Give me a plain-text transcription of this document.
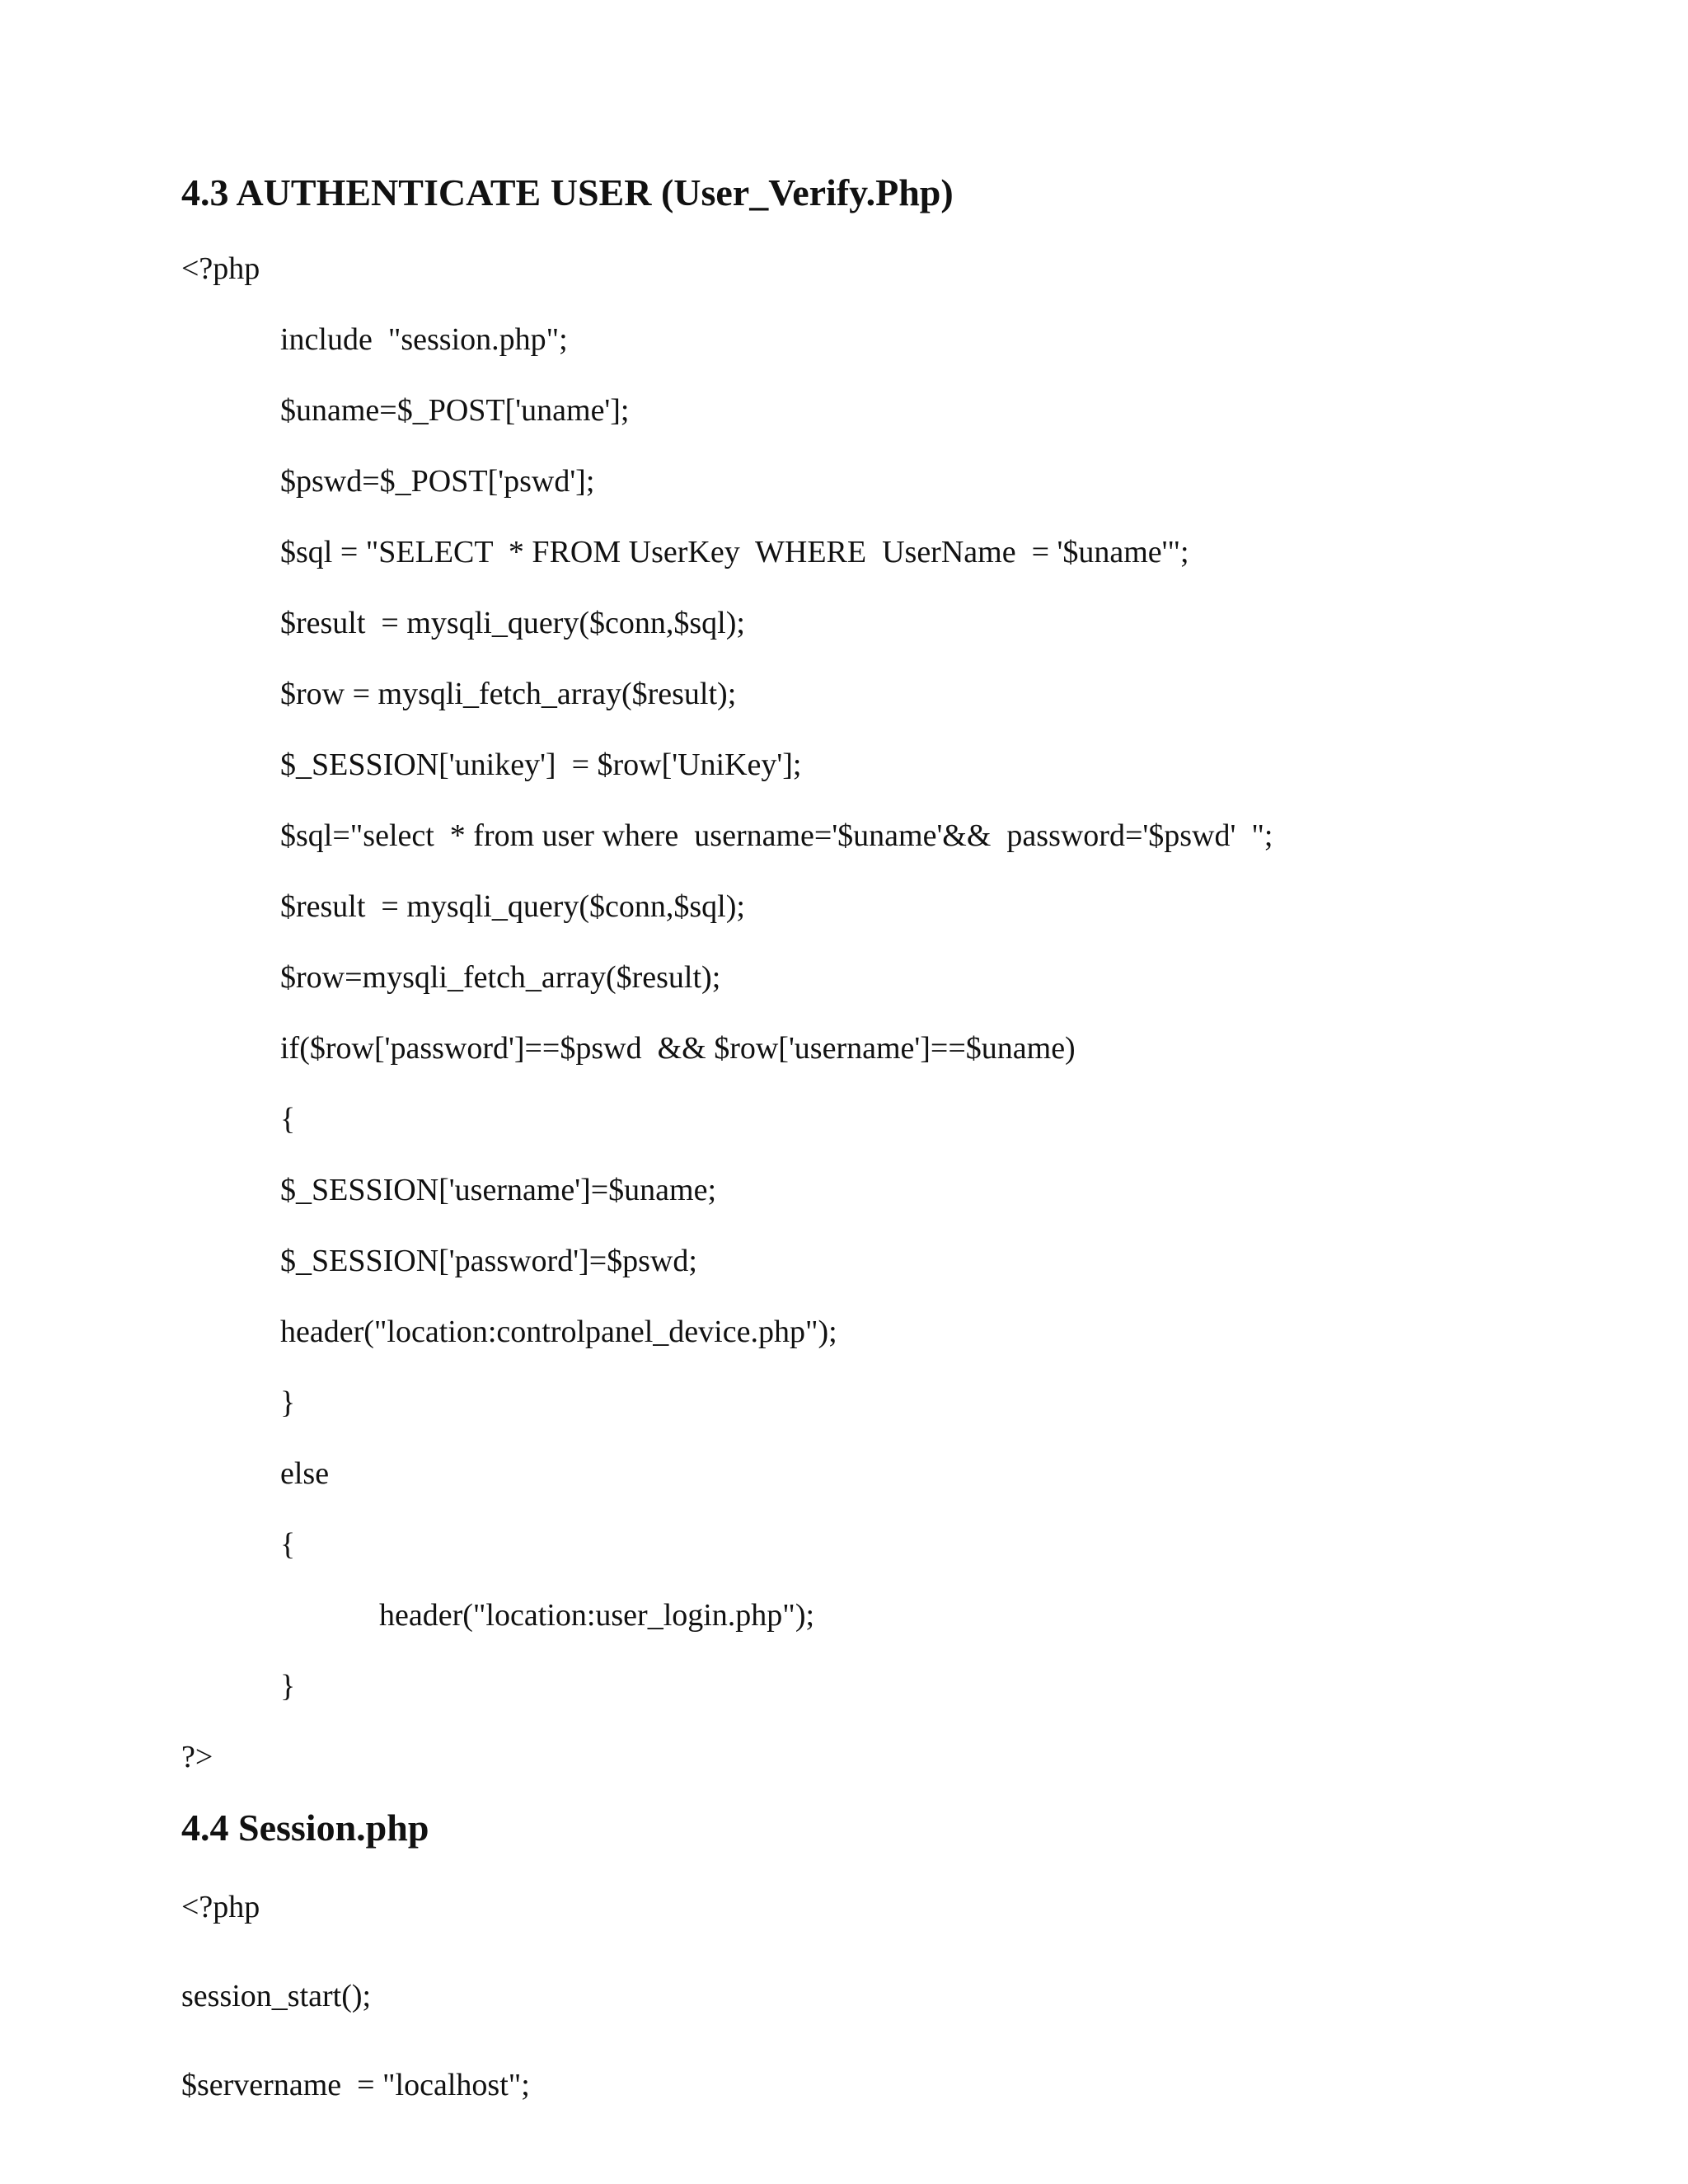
4.3 AUTHENTICATE USER (User_Verify.Php)
<?php
include  "session.php";
$uname=$_POST['uname'];
$pswd=$_POST['pswd'];
$sql = "SELECT  * FROM UserKey  WHERE  UserName  = '$uname'";
$result  = mysqli_query($conn,$sql);
$row = mysqli_fetch_array($result);
$_SESSION['unikey']  = $row['UniKey'];
$sql="select  * from user where  username='$uname'&&  password='$pswd'  ";
$result  = mysqli_query($conn,$sql);
$row=mysqli_fetch_array($result);
if($row['password']==$pswd  && $row['username']==$uname)
{
$_SESSION['username']=$uname;
$_SESSION['password']=$pswd;
header("location:controlpanel_device.php");
}
else
{
header("location:user_login.php");
}
?>
4.4 Session.php
<?php
session_start();
$servername  = "localhost";
